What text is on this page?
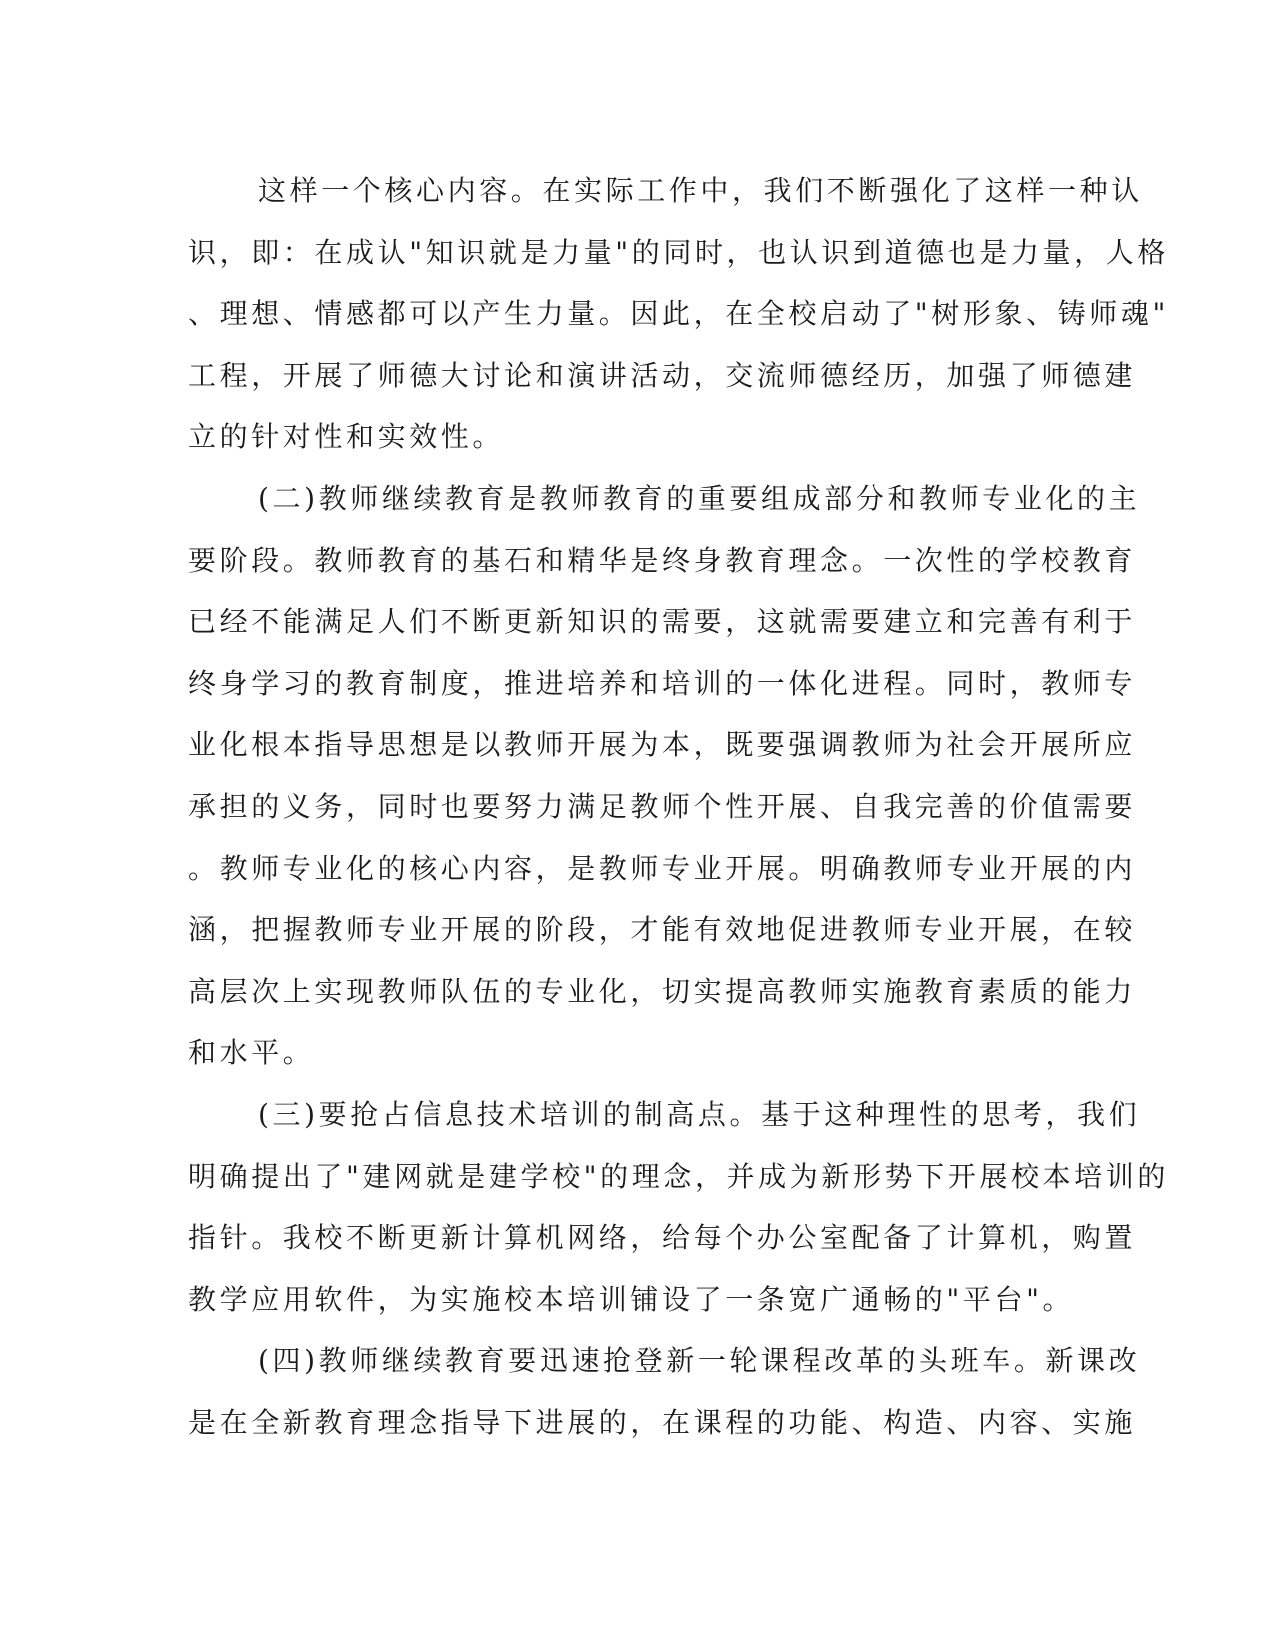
这样一个核心内容。在实际工作中，我们不断强化了这样一种认
识，即：在成认"知识就是力量"的同时，也认识到道德也是力量，人格
、理想、情感都可以产生力量。因此，在全校启动了"树形象、铸师魂"
工程，开展了师德大讨论和演讲活动，交流师德经历，加强了师德建
立的针对性和实效性。
(二)教师继续教育是教师教育的重要组成部分和教师专业化的主
要阶段。教师教育的基石和精华是终身教育理念。一次性的学校教育
已经不能满足人们不断更新知识的需要，这就需要建立和完善有利于
终身学习的教育制度，推进培养和培训的一体化进程。同时，教师专
业化根本指导思想是以教师开展为本，既要强调教师为社会开展所应
承担的义务，同时也要努力满足教师个性开展、自我完善的价值需要
。教师专业化的核心内容，是教师专业开展。明确教师专业开展的内
涵，把握教师专业开展的阶段，才能有效地促进教师专业开展，在较
高层次上实现教师队伍的专业化，切实提高教师实施教育素质的能力
和水平。
(三)要抢占信息技术培训的制高点。基于这种理性的思考，我们
明确提出了"建网就是建学校"的理念，并成为新形势下开展校本培训的
指针。我校不断更新计算机网络，给每个办公室配备了计算机，购置
教学应用软件，为实施校本培训铺设了一条宽广通畅的"平台"。
(四)教师继续教育要迅速抢登新一轮课程改革的头班车。新课改
是在全新教育理念指导下进展的，在课程的功能、构造、内容、实施
